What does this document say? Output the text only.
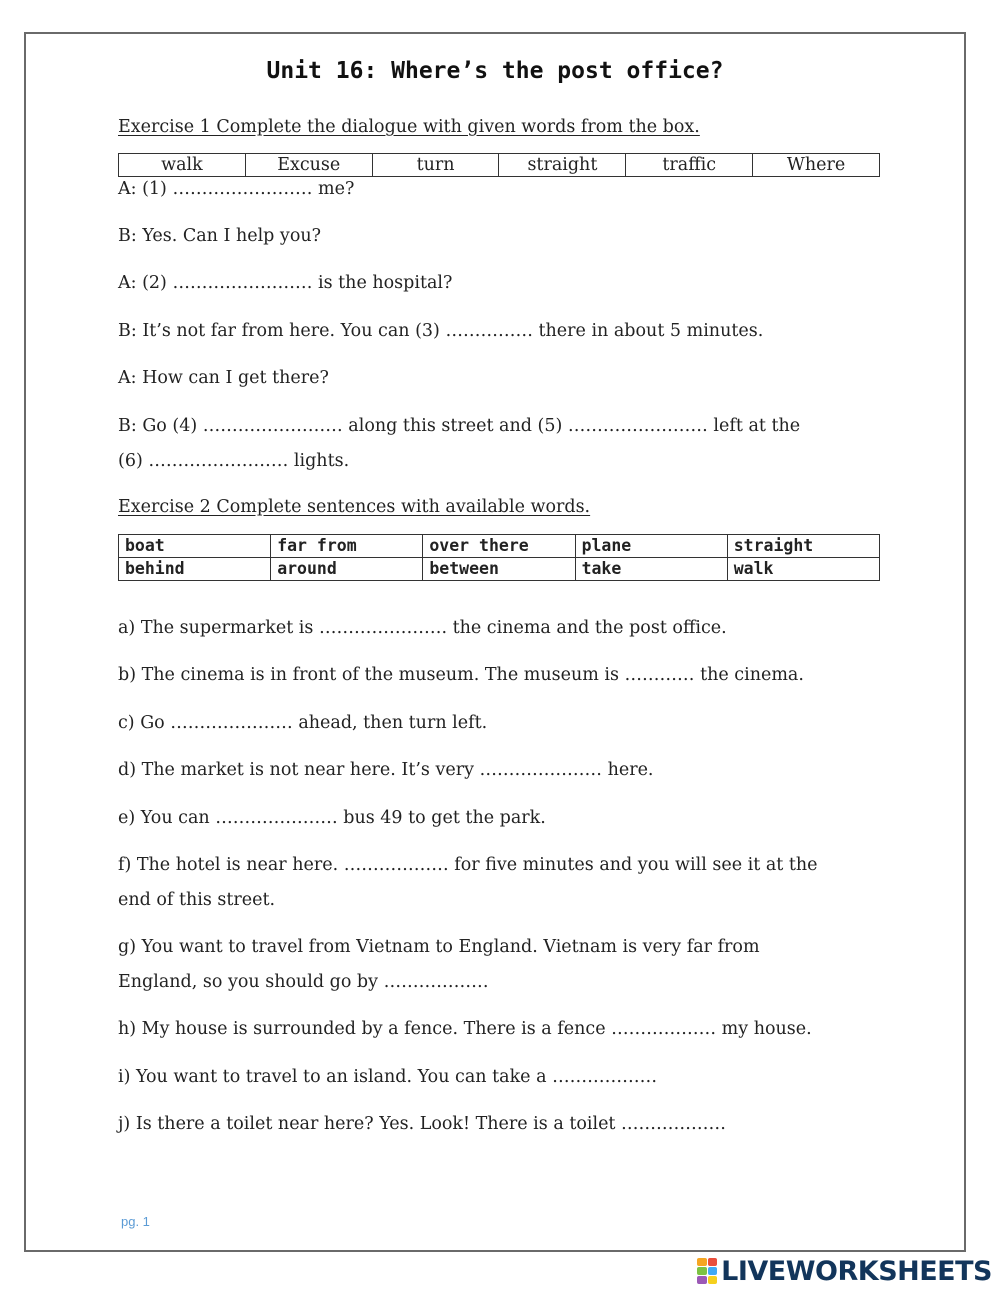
Unit 16: Where’s the post office?
Exercise 1 Complete the dialogue with given words from the box.
walk	Excuse	turn	straight	traffic	Where
A: (1) …………………… me?
B: Yes. Can I help you?
A: (2) …………………… is the hospital?
B: It’s not far from here. You can (3) …………… there in about 5 minutes.
A: How can I get there?
B: Go (4) …………………… along this street and (5) …………………… left at the
(6) …………………… lights.
Exercise 2 Complete sentences with available words.
boat	far from	over there	plane	straight
behind	around	between	take	walk
a) The supermarket is …………………. the cinema and the post office.
b) The cinema is in front of the museum. The museum is ………… the cinema.
c) Go ………………… ahead, then turn left.
d) The market is not near here. It’s very ………………… here.
e) You can ………………… bus 49 to get the park.
f) The hotel is near here. ……………… for five minutes and you will see it at the
end of this street.
g) You want to travel from Vietnam to England. Vietnam is very far from
England, so you should go by ………………
h) My house is surrounded by a fence. There is a fence ……………… my house.
i) You want to travel to an island. You can take a ………………
j) Is there a toilet near here? Yes. Look! There is a toilet ………………
pg. 1
LIVEWORKSHEETS
